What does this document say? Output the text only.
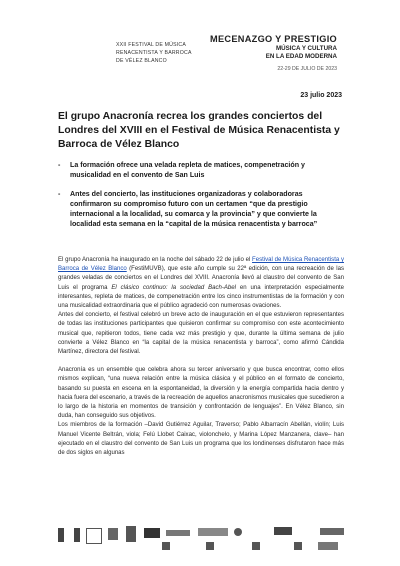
XXII FESTIVAL DE MÚSICA
RENACENTISTA Y BARROCA
DE VÉLEZ BLANCO
MECENAZGO Y PRESTIGIO
MÚSICA Y CULTURA
EN LA EDAD MODERNA
22-29 DE JULIO DE 2023
23 julio 2023
El grupo Anacronía recrea los grandes conciertos del Londres del XVIII en el Festival de Música Renacentista y Barroca de Vélez Blanco
-	La formación ofrece una velada repleta de matices, compenetración y musicalidad en el convento de San Luis
-	Antes del concierto, las instituciones organizadoras y colaboradoras confirmaron su compromiso futuro con un certamen “que da prestigio internacional a la localidad, su comarca y la provincia” y que convierte la localidad esta semana en la “capital de la música renacentista y barroca”

El grupo Anacronía ha inaugurado en la noche del sábado 22 de julio el Festival de Música Renacentista y Barroca de Vélez Blanco (FestiMUVB), que este año cumple su 22ª edición, con una recreación de las grandes veladas de conciertos en el Londres del XVIII. Anacronía llevó al claustro del convento de San Luis el programa El clásico continuo: la sociedad Bach-Abel en una interpretación especialmente interesantes, repleta de matices, de compenetración entre los cinco instrumentistas de la formación y con una musicalidad extraordinaria que el público agradeció con numerosas ovaciones.

Antes del concierto, el festival celebró un breve acto de inauguración en el que estuvieron representantes de todas las instituciones participantes que quisieron confirmar su compromiso con este acontecimiento musical que, repitieron todos, tiene cada vez más prestigio y que, durante la última semana de julio convierte a Vélez Blanco en “la capital de la música renacentista y barroca”, como afirmó Cándida Martínez, directora del festival.

Anacronía es un ensemble que celebra ahora su tercer aniversario y que busca encontrar, como ellos mismos explican, “una nueva relación entre la música clásica y el público en el formato de concierto, basando su puesta en escena en la espontaneidad, la diversión y la energía compartida hacia dentro y hacia fuera del escenario, a través de la recreación de aquellos anacronismos musicales que sucedieron a lo largo de la historia en momentos de transición y confrontación de lenguajes”. En Vélez Blanco, sin duda, han conseguido sus objetivos.

Los miembros de la formación –David Gutiérrez Aguilar, Traverso; Pablo Albarracín Abellán, violín; Luis Manuel Vicente Beltrán, viola; Felú Llobet Caixac, violonchelo, y Marina López Manzanera, clave– han ejecutado en el claustro del convento de San Luis un programa que los londinenses disfrutaron hace más de dos siglos en algunas
